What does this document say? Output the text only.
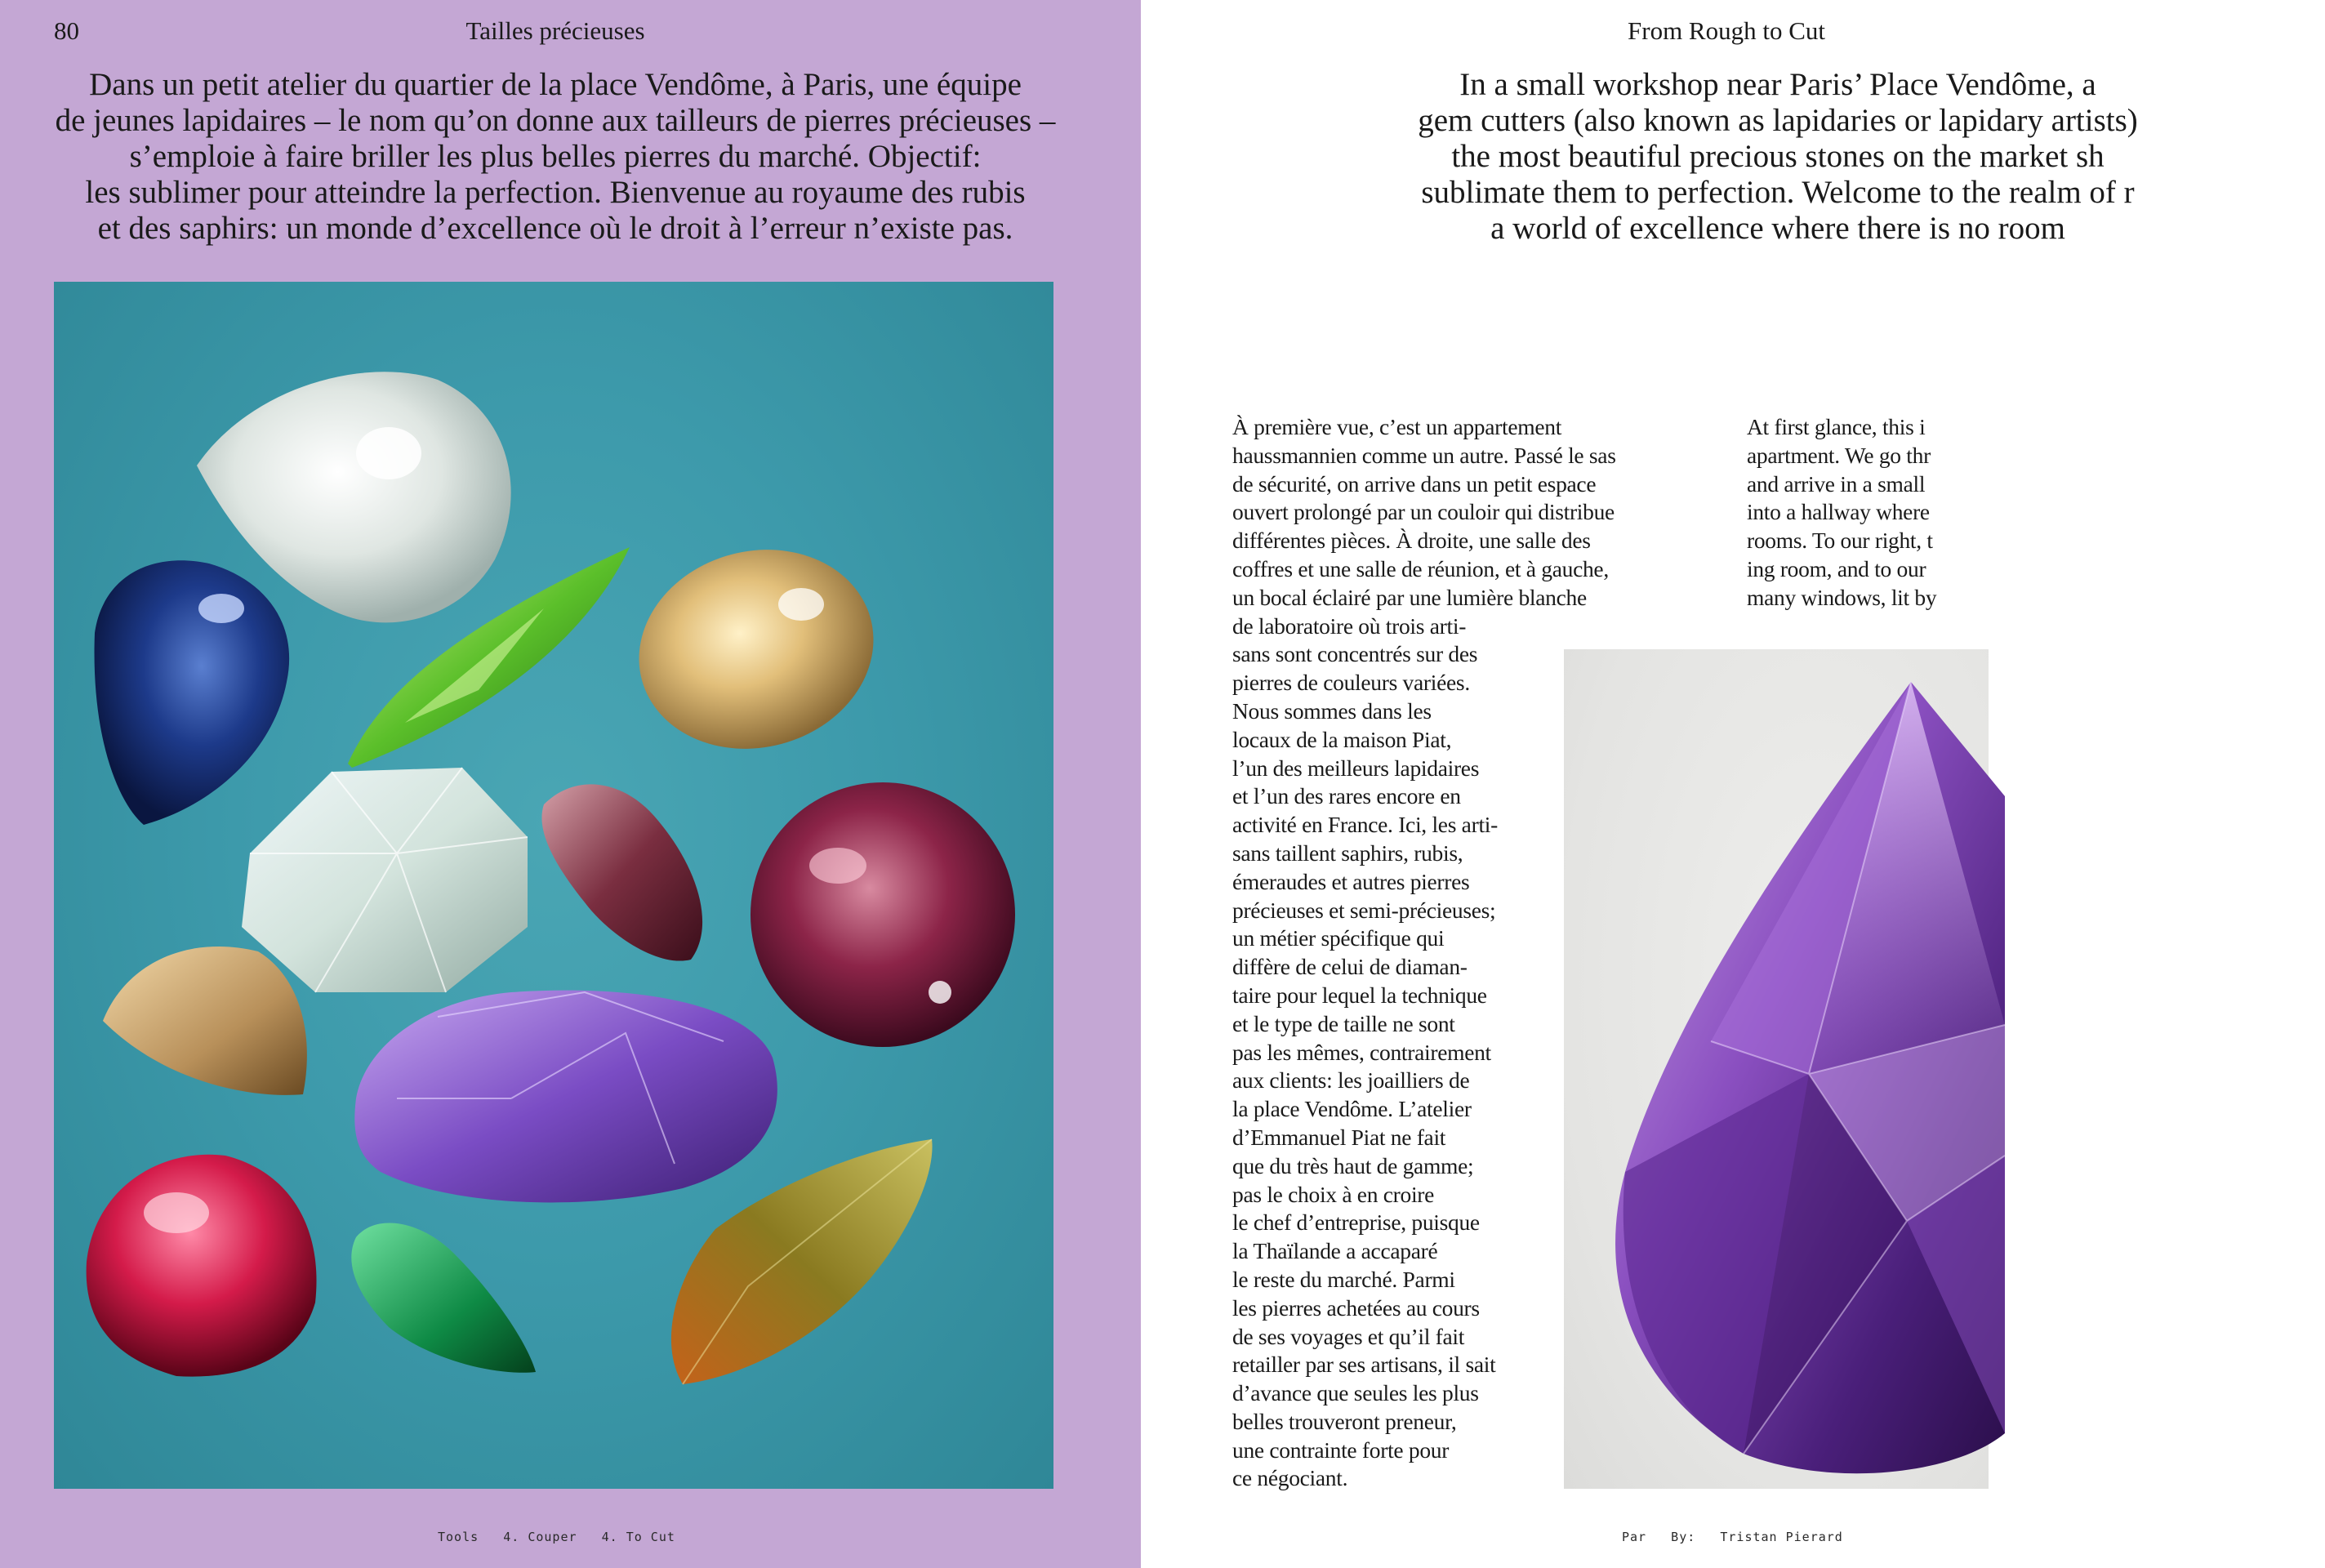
80	Tailles précieuses
Dans un petit atelier du quartier de la place Vendôme, à Paris, une équipe
de jeunes lapidaires – le nom qu’on donne aux tailleurs de pierres précieuses –
s’emploie à faire briller les plus belles pierres du marché. Objectif:
les sublimer pour atteindre la perfection. Bienvenue au royaume des rubis
et des saphirs: un monde d’excellence où le droit à l’erreur n’existe pas.
Tools   4. Couper   4. To Cut
From Rough to Cut
In a small workshop near Paris’ Place Vendôme, a
gem cutters (also known as lapidaries or lapidary artists)
the most beautiful precious stones on the market sh
sublimate them to perfection. Welcome to the realm of r
a world of excellence where there is no room
À première vue, c’est un appartement
haussmannien comme un autre. Passé le sas
de sécurité, on arrive dans un petit espace
ouvert prolongé par un couloir qui distribue
différentes pièces. À droite, une salle des
coffres et une salle de réunion, et à gauche,
un bocal éclairé par une lumière blanche
de laboratoire où trois arti-
sans sont concentrés sur des
pierres de couleurs variées.
Nous sommes dans les
locaux de la maison Piat,
l’un des meilleurs lapidaires
et l’un des rares encore en
activité en France. Ici, les arti-
sans taillent saphirs, rubis,
émeraudes et autres pierres
précieuses et semi-précieuses;
un métier spécifique qui
diffère de celui de diaman-
taire pour lequel la technique
et le type de taille ne sont
pas les mêmes, contrairement
aux clients: les joailliers de
la place Vendôme. L’atelier
d’Emmanuel Piat ne fait
que du très haut de gamme;
pas le choix à en croire
le chef d’entreprise, puisque
la Thaïlande a accaparé
le reste du marché. Parmi
les pierres achetées au cours
de ses voyages et qu’il fait
retailler par ses artisans, il sait
d’avance que seules les plus
belles trouveront preneur,
une contrainte forte pour
ce négociant.
At first glance, this i
apartment. We go thr
and arrive in a small
into a hallway where
rooms. To our right, t
ing room, and to our
many windows, lit by
Par   By:   Tristan Pierard
